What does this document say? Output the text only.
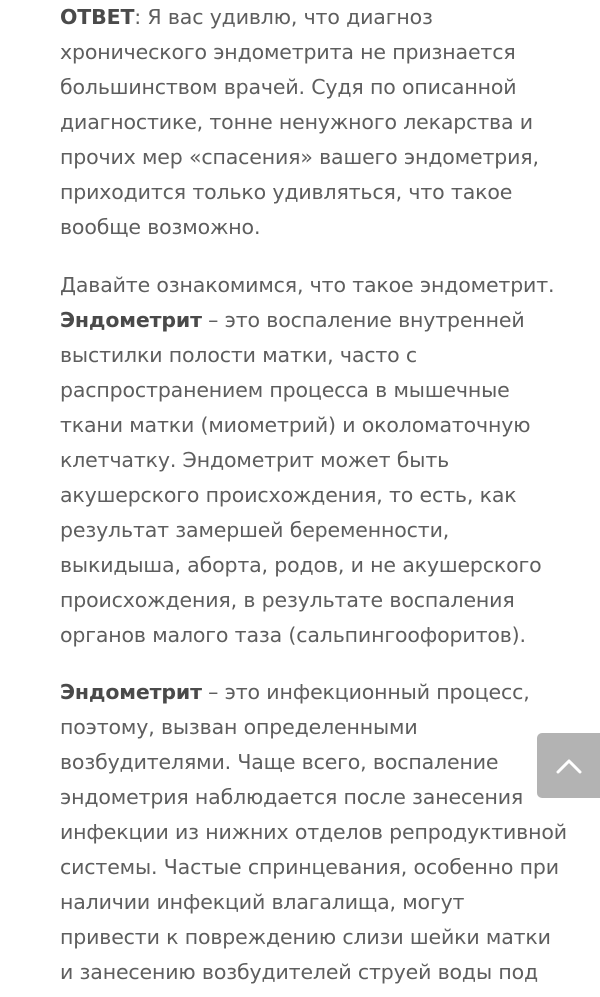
ОТВЕТ: Я вас удивлю, что диагноз
хронического эндометрита не признается
большинством врачей. Судя по описанной
диагностике, тонне ненужного лекарства и
прочих мер «спасения» вашего эндометрия,
приходится только удивляться, что такое
вообще возможно.

Давайте ознакомимся, что такое эндометрит.
Эндометрит – это воспаление внутренней
выстилки полости матки, часто с
распространением процесса в мышечные
ткани матки (миометрий) и околоматочную
клетчатку. Эндометрит может быть
акушерского происхождения, то есть, как
результат замершей беременности,
выкидыша, аборта, родов, и не акушерского
происхождения, в результате воспаления
органов малого таза (сальпингоофоритов).

Эндометрит – это инфекционный процесс,
поэтому, вызван определенными
возбудителями. Чаще всего, воспаление
эндометрия наблюдается после занесения
инфекции из нижних отделов репродуктивной
системы. Частые спринцевания, особенно при
наличии инфекций влагалища, могут
привести к повреждению слизи шейки матки
и занесению возбудителей струей воды под
